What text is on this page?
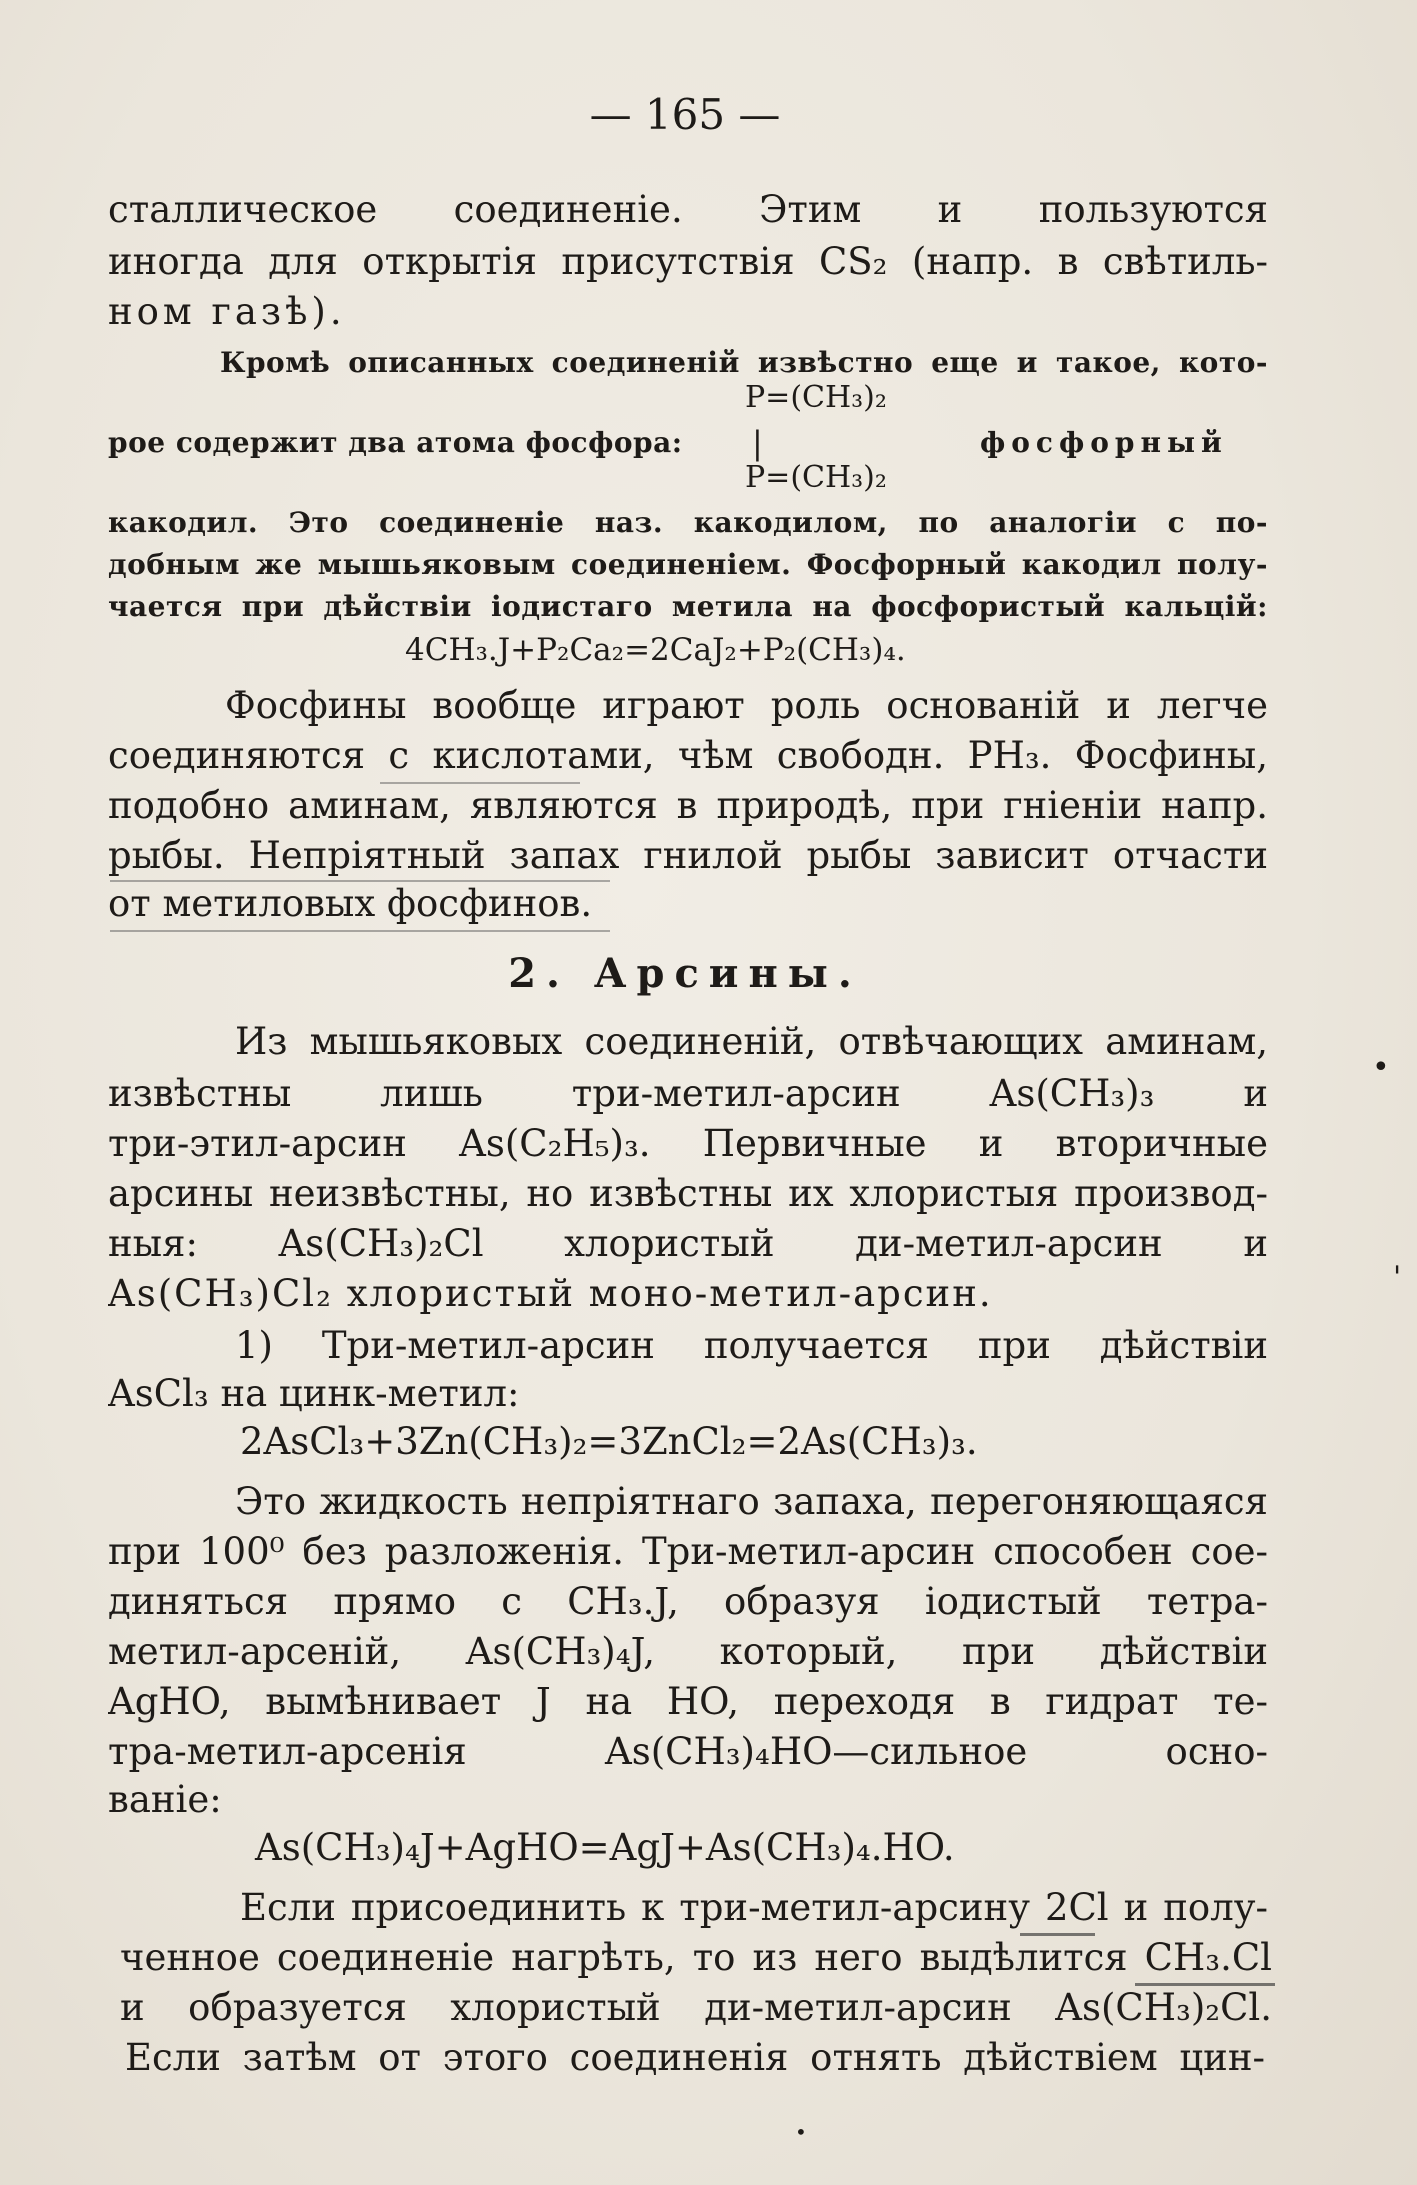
— 165 —
сталлическое соединеніе. Этим и пользуются
иногда для открытія присутствія CS₂ (напр. в свѣтиль-
ном газѣ).
Кромѣ описанных соединеній извѣстно еще и такое, кото-
P=(CH₃)₂
рое содержит два атома фосфора:	|	фосфорный
P=(CH₃)₂
какодил. Это соединеніе наз. какодилом, по аналогіи с по-
добным же мышьяковым соединеніем. Фосфорный какодил полу-
чается при дѣйствіи іодистаго метила на фосфористый кальцій:
4CH₃.J+P₂Ca₂=2CaJ₂+P₂(CH₃)₄.
Фосфины вообще играют роль основаній и легче
соединяются с кислотами, чѣм свободн. PH₃. Фосфины,
подобно аминам, являются в природѣ, при гніеніи напр.
рыбы. Непріятный запах гнилой рыбы зависит отчасти
от метиловых фосфинов.
2. Арсины.
Из мышьяковых соединеній, отвѣчающих аминам,
извѣстны лишь три-метил-арсин As(CH₃)₃ и
три-этил-арсин As(C₂H₅)₃. Первичные и вторичные
арсины неизвѣстны, но извѣстны их хлористыя производ-
ныя: As(CH₃)₂Cl хлористый ди-метил-арсин и
As(CH₃)Cl₂ хлористый моно-метил-арсин.
1) Три-метил-арсин получается при дѣйствіи
AsCl₃ на цинк-метил:
2AsCl₃+3Zn(CH₃)₂=3ZnCl₂=2As(CH₃)₃.
Это жидкость непріятнаго запаха, перегоняющаяся
при 100⁰ без разложенія. Три-метил-арсин способен сое-
диняться прямо с CH₃.J, образуя іодистый тетра-
метил-арсеній, As(CH₃)₄J, который, при дѣйствіи
AgHO, вымѣнивает J на HO, переходя в гидрат те-
тра-метил-арсенія As(CH₃)₄HO—сильное осно-
ваніе:
As(CH₃)₄J+AgHO=AgJ+As(CH₃)₄.HO.
Если присоединить к три-метил-арсину 2Cl и полу-
ченное соединеніе нагрѣть, то из него выдѣлится CH₃.Cl
и образуется хлористый ди-метил-арсин As(CH₃)₂Cl.
Если затѣм от этого соединенія отнять дѣйствіем цин-
•
'
•
